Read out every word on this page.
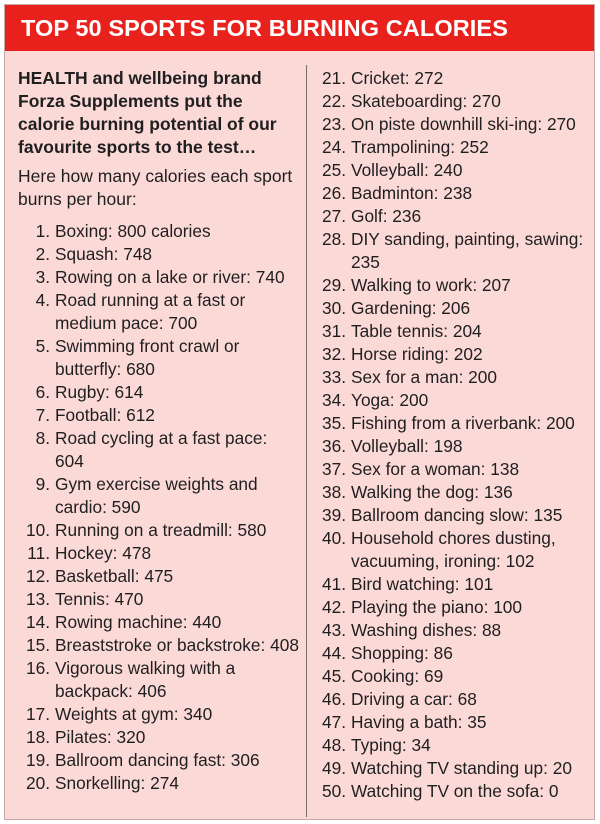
TOP 50 SPORTS FOR BURNING CALORIES

HEALTH and wellbeing brand Forza Supplements put the calorie burning potential of our favourite sports to the test…

Here how many calories each sport burns per hour:

1. Boxing: 800 calories
2. Squash: 748
3. Rowing on a lake or river: 740
4. Road running at a fast or medium pace: 700
5. Swimming front crawl or butterfly: 680
6. Rugby: 614
7. Football: 612
8. Road cycling at a fast pace: 604
9. Gym exercise weights and cardio: 590
10. Running on a treadmill: 580
11. Hockey: 478
12. Basketball: 475
13. Tennis: 470
14. Rowing machine: 440
15. Breaststroke or backstroke: 408
16. Vigorous walking with a backpack: 406
17. Weights at gym: 340
18. Pilates: 320
19. Ballroom dancing fast: 306
20. Snorkelling: 274
21. Cricket: 272
22. Skateboarding: 270
23. On piste downhill ski-ing: 270
24. Trampolining: 252
25. Volleyball: 240
26. Badminton: 238
27. Golf: 236
28. DIY sanding, painting, sawing: 235
29. Walking to work: 207
30. Gardening: 206
31. Table tennis: 204
32. Horse riding: 202
33. Sex for a man: 200
34. Yoga: 200
35. Fishing from a riverbank: 200
36. Volleyball: 198
37. Sex for a woman: 138
38. Walking the dog: 136
39. Ballroom dancing slow: 135
40. Household chores dusting, vacuuming, ironing: 102
41. Bird watching: 101
42. Playing the piano: 100
43. Washing dishes: 88
44. Shopping: 86
45. Cooking: 69
46. Driving a car: 68
47. Having a bath: 35
48. Typing: 34
49. Watching TV standing up: 20
50. Watching TV on the sofa: 0
